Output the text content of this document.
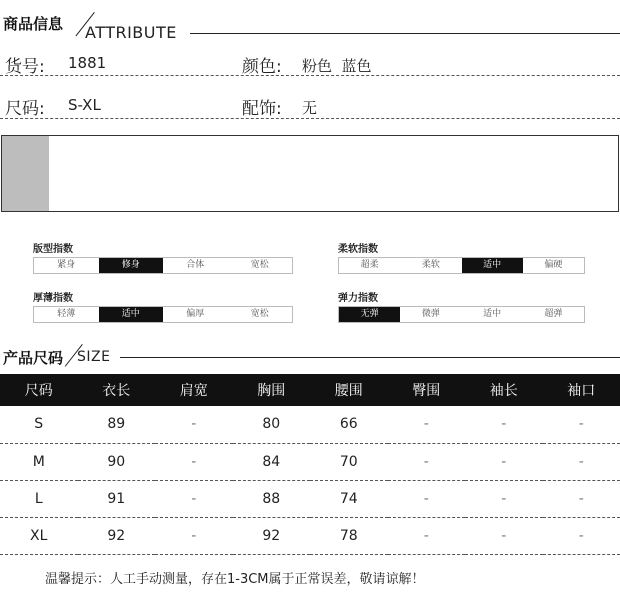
商品信息 ATTRIBUTE
货号: 1881	颜色: 粉色  蓝色
尺码: S-XL	配饰: 无
版型指数
紧身	修身	合体	宽松
柔软指数
超柔	柔软	适中	偏硬
厚薄指数
轻薄	适中	偏厚	宽松
弹力指数
无弹	微弹	适中	超弹
产品尺码 SIZE
尺码	衣长	肩宽	胸围	腰围	臀围	袖长	袖口
S	89	-	80	66	-	-	-
M	90	-	84	70	-	-	-
L	91	-	88	74	-	-	-
XL	92	-	92	78	-	-	-
温馨提示：人工手动测量，存在1-3CM属于正常误差，敬请谅解！
